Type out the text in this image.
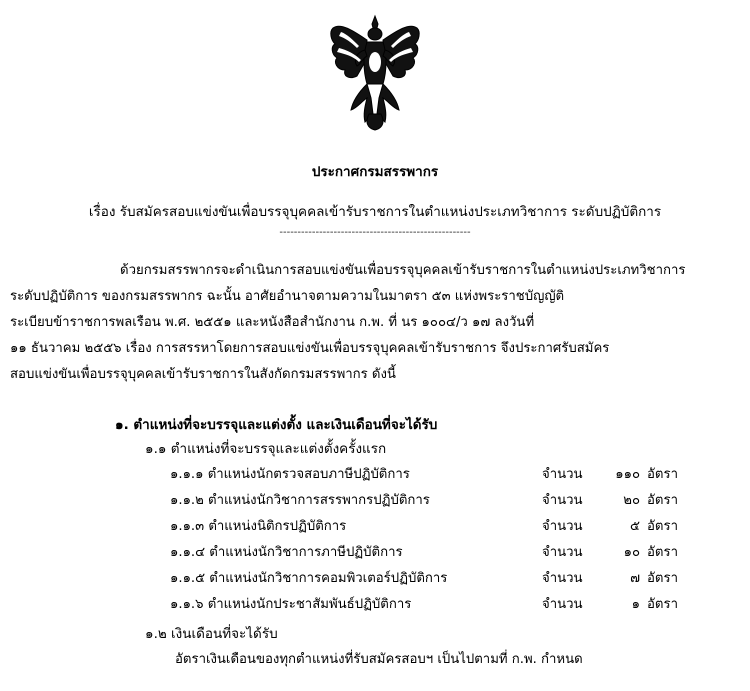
ประกาศกรมสรรพากร
เรื่อง รับสมัครสอบแข่งขันเพื่อบรรจุบุคคลเข้ารับราชการในตำแหน่งประเภทวิชาการ ระดับปฏิบัติการ
-----------------------------------------------------
ด้วยกรมสรรพากรจะดำเนินการสอบแข่งขันเพื่อบรรจุบุคคลเข้ารับราชการในตำแหน่งประเภทวิชาการ
ระดับปฏิบัติการ ของกรมสรรพากร ฉะนั้น อาศัยอำนาจตามความในมาตรา ๕๓ แห่งพระราชบัญญัติ
ระเบียบข้าราชการพลเรือน พ.ศ. ๒๕๕๑ และหนังสือสำนักงาน ก.พ. ที่ นร ๑๐๐๔/ว ๑๗ ลงวันที่
๑๑ ธันวาคม ๒๕๕๖ เรื่อง การสรรหาโดยการสอบแข่งขันเพื่อบรรจุบุคคลเข้ารับราชการ จึงประกาศรับสมัคร
สอบแข่งขันเพื่อบรรจุบุคคลเข้ารับราชการในสังกัดกรมสรรพากร ดังนี้
๑. ตำแหน่งที่จะบรรจุและแต่งตั้ง และเงินเดือนที่จะได้รับ
๑.๑ ตำแหน่งที่จะบรรจุและแต่งตั้งครั้งแรก
๑.๑.๑ ตำแหน่งนักตรวจสอบภาษีปฏิบัติการ	จำนวน	๑๑๐ อัตรา
๑.๑.๒ ตำแหน่งนักวิชาการสรรพากรปฏิบัติการ	จำนวน	๒๐ อัตรา
๑.๑.๓ ตำแหน่งนิติกรปฏิบัติการ	จำนวน	๕ อัตรา
๑.๑.๔ ตำแหน่งนักวิชาการภาษีปฏิบัติการ	จำนวน	๑๐ อัตรา
๑.๑.๕ ตำแหน่งนักวิชาการคอมพิวเตอร์ปฏิบัติการ	จำนวน	๗ อัตรา
๑.๑.๖ ตำแหน่งนักประชาสัมพันธ์ปฏิบัติการ	จำนวน	๑ อัตรา
๑.๒ เงินเดือนที่จะได้รับ
อัตราเงินเดือนของทุกตำแหน่งที่รับสมัครสอบฯ เป็นไปตามที่ ก.พ. กำหนด
